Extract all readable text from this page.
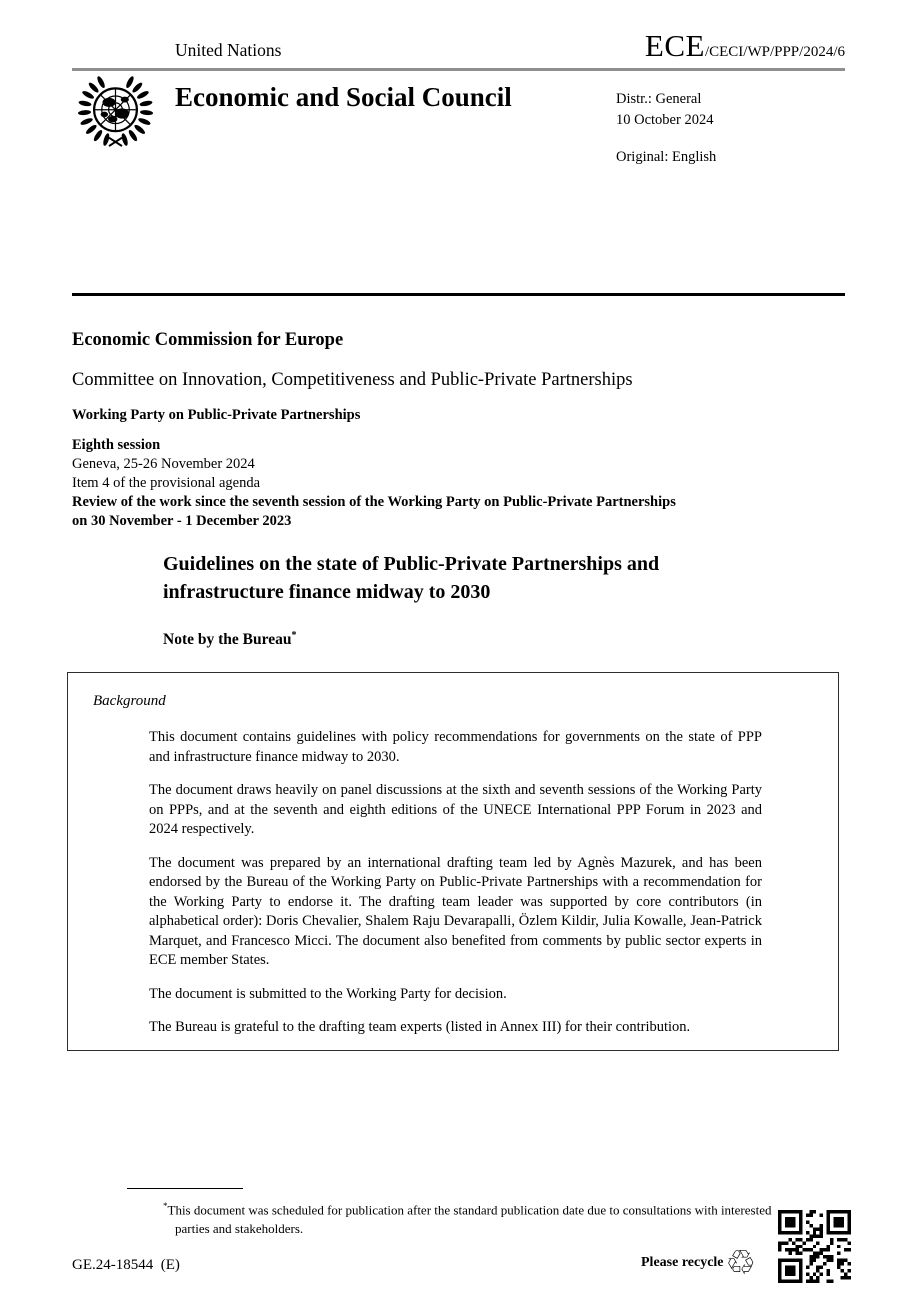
United Nations	ECE/CECI/WP/PPP/2024/6
Economic and Social Council	Distr.: General
10 October 2024
Original: English
Economic Commission for Europe
Committee on Innovation, Competitiveness and Public-Private Partnerships
Working Party on Public-Private Partnerships
Eighth session
Geneva, 25-26 November 2024
Item 4 of the provisional agenda
Review of the work since the seventh session of the Working Party on Public-Private Partnerships
on 30 November - 1 December 2023
Guidelines on the state of Public-Private Partnerships and infrastructure finance midway to 2030
Note by the Bureau*

Background

This document contains guidelines with policy recommendations for governments on the state of PPP and infrastructure finance midway to 2030.

The document draws heavily on panel discussions at the sixth and seventh sessions of the Working Party on PPPs, and at the seventh and eighth editions of the UNECE International PPP Forum in 2023 and 2024 respectively.

The document was prepared by an international drafting team led by Agnès Mazurek, and has been endorsed by the Bureau of the Working Party on Public-Private Partnerships with a recommendation for the Working Party to endorse it. The drafting team leader was supported by core contributors (in alphabetical order): Doris Chevalier, Shalem Raju Devarapalli, Özlem Kildir, Julia Kowalle, Jean-Patrick Marquet, and Francesco Micci. The document also benefited from comments by public sector experts in ECE member States.

The document is submitted to the Working Party for decision.

The Bureau is grateful to the drafting team experts (listed in Annex III) for their contribution.

*This document was scheduled for publication after the standard publication date due to consultations with interested parties and stakeholders.
GE.24-18544  (E)	Please recycle ♲
